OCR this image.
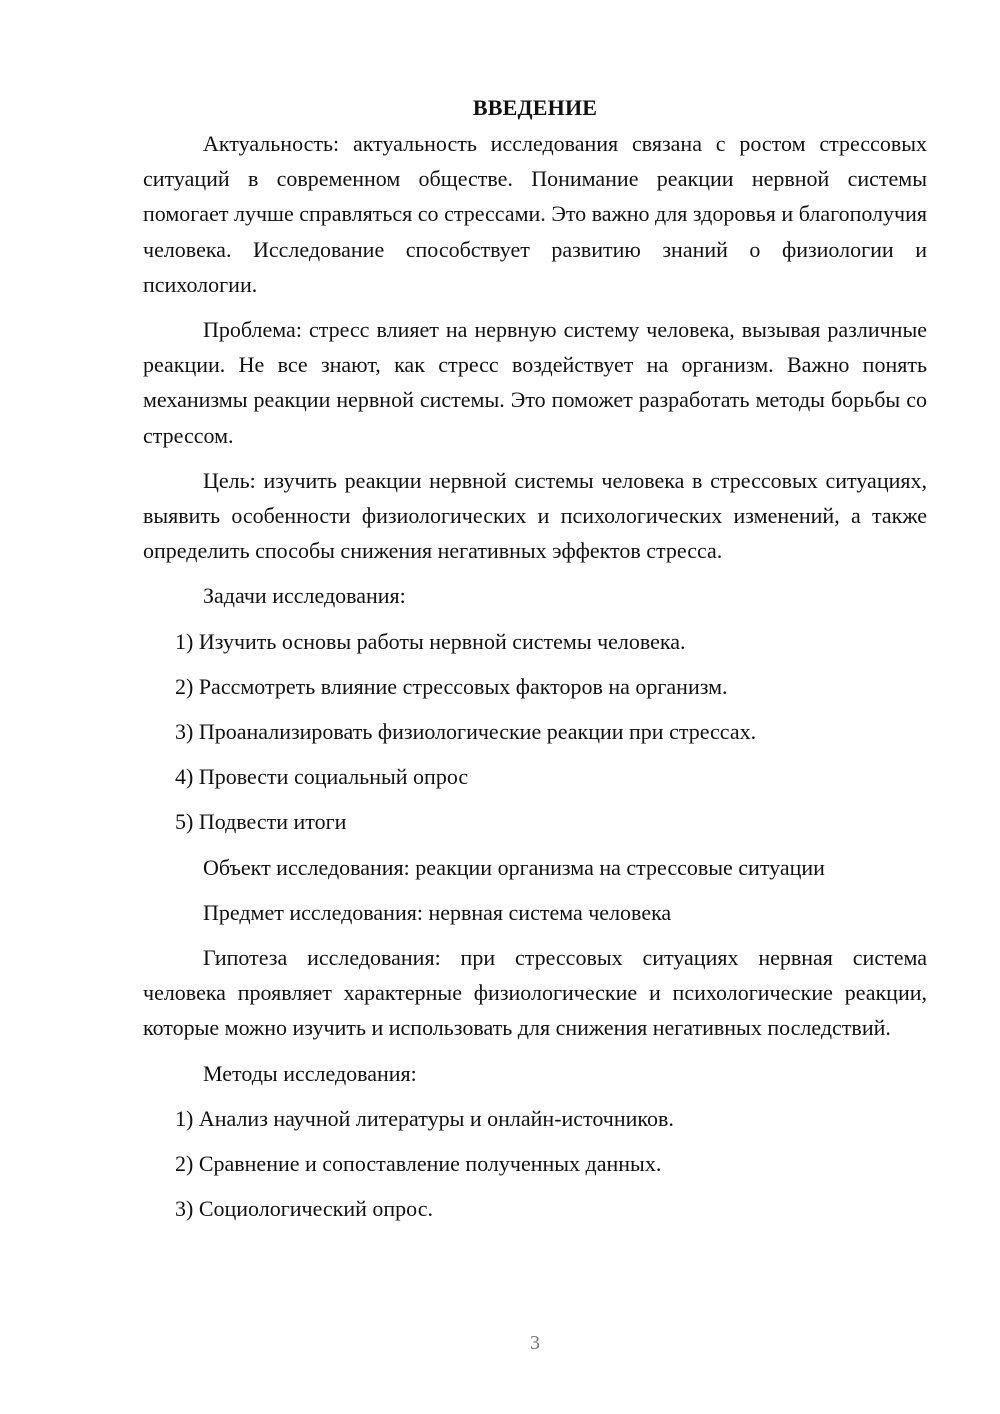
ВВЕДЕНИЕ

Актуальность: актуальность исследования связана с ростом стрессовых ситуаций в современном обществе. Понимание реакции нервной системы помогает лучше справляться со стрессами. Это важно для здоровья и благополучия человека. Исследование способствует развитию знаний о физиологии и психологии.

Проблема: стресс влияет на нервную систему человека, вызывая различные реакции. Не все знают, как стресс воздействует на организм. Важно понять механизмы реакции нервной системы. Это поможет разработать методы борьбы со стрессом.

Цель: изучить реакции нервной системы человека в стрессовых ситуациях, выявить особенности физиологических и психологических изменений, а также определить способы снижения негативных эффектов стресса.

Задачи исследования:

1) Изучить основы работы нервной системы человека.

2) Рассмотреть влияние стрессовых факторов на организм.

3) Проанализировать физиологические реакции при стрессах.

4) Провести социальный опрос

5) Подвести итоги

Объект исследования: реакции организма на стрессовые ситуации

Предмет исследования: нервная система человека

Гипотеза исследования: при стрессовых ситуациях нервная система человека проявляет характерные физиологические и психологические реакции, которые можно изучить и использовать для снижения негативных последствий.

Методы исследования:

1) Анализ научной литературы и онлайн-источников.

2) Сравнение и сопоставление полученных данных.

3) Социологический опрос.

3
